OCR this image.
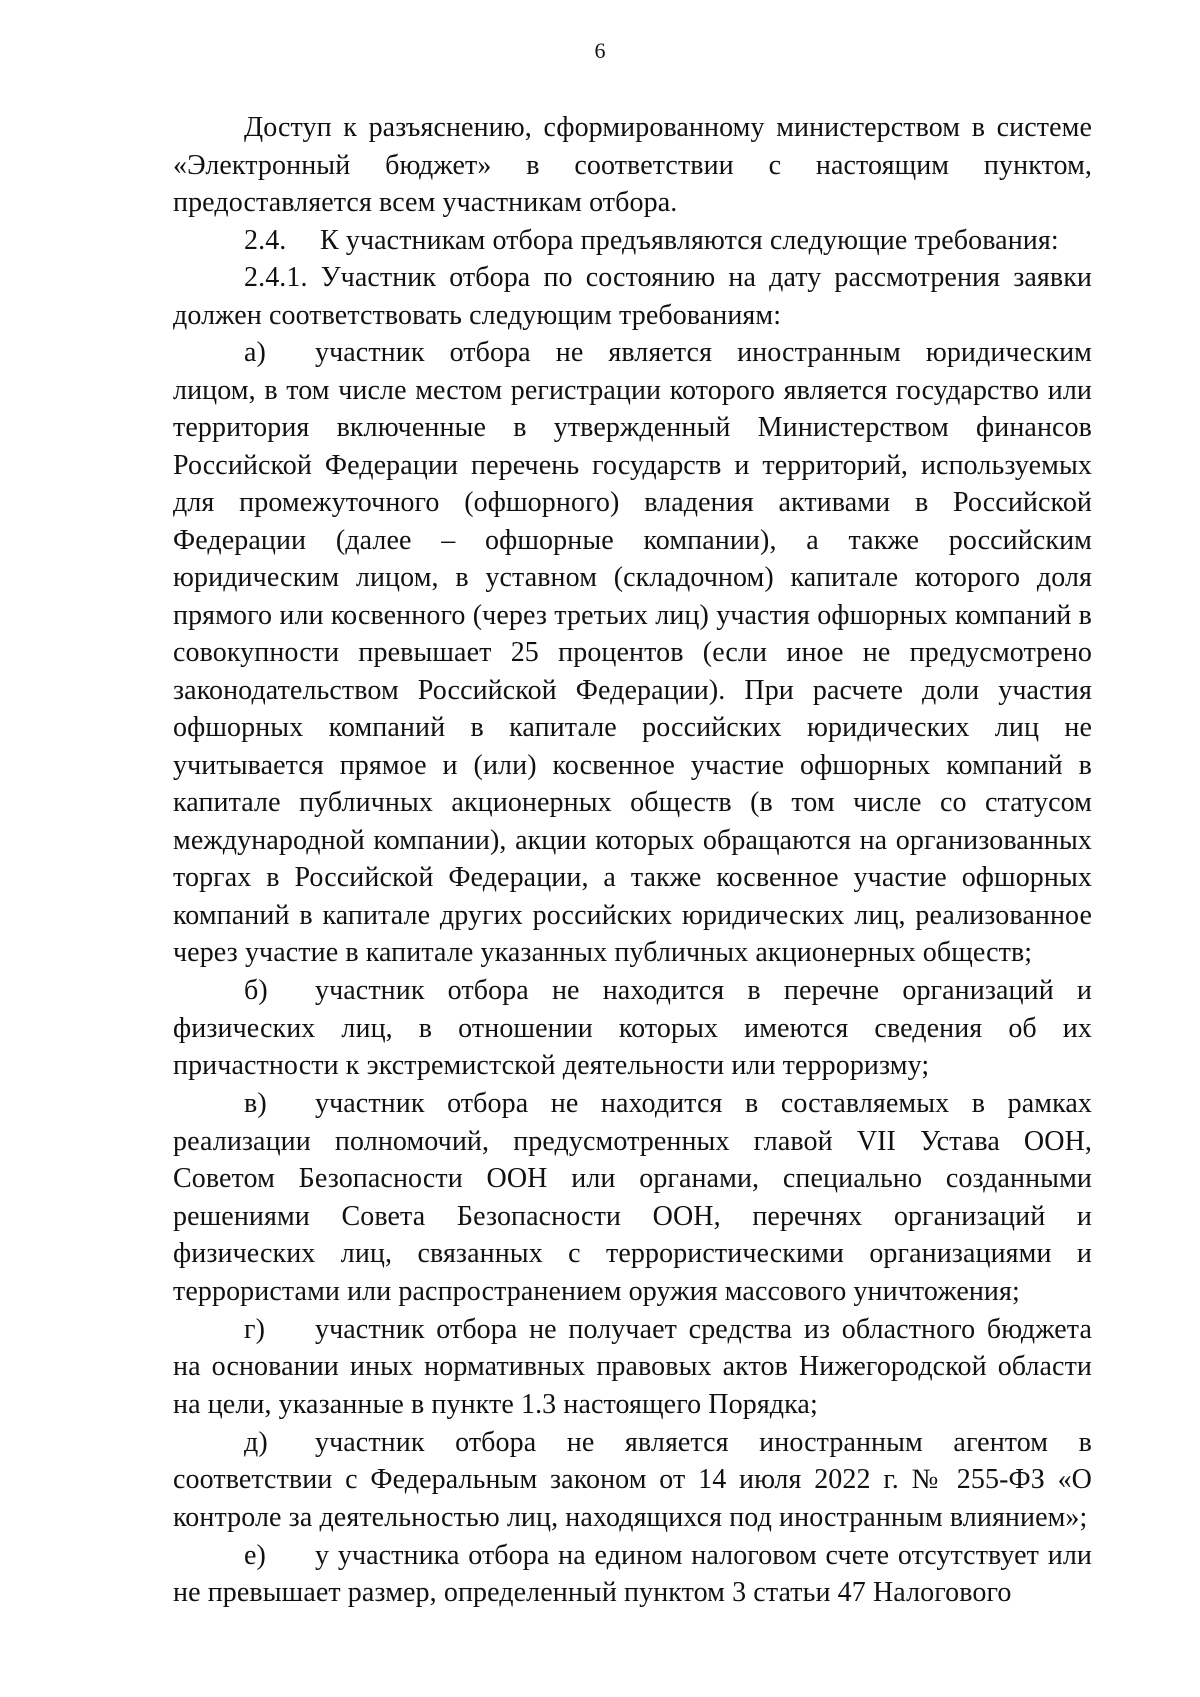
6

Доступ к разъяснению, сформированному министерством в системе «Электронный бюджет» в соответствии с настоящим пунктом, предоставляется всем участникам отбора.

2.4. К участникам отбора предъявляются следующие требования:

2.4.1. Участник отбора по состоянию на дату рассмотрения заявки должен соответствовать следующим требованиям:

а) участник отбора не является иностранным юридическим лицом, в том числе местом регистрации которого является государство или территория включенные в утвержденный Министерством финансов Российской Федерации перечень государств и территорий, используемых для промежуточного (офшорного) владения активами в Российской Федерации (далее – офшорные компании), а также российским юридическим лицом, в уставном (складочном) капитале которого доля прямого или косвенного (через третьих лиц) участия офшорных компаний в совокупности превышает 25 процентов (если иное не предусмотрено законодательством Российской Федерации). При расчете доли участия офшорных компаний в капитале российских юридических лиц не учитывается прямое и (или) косвенное участие офшорных компаний в капитале публичных акционерных обществ (в том числе со статусом международной компании), акции которых обращаются на организованных торгах в Российской Федерации, а также косвенное участие офшорных компаний в капитале других российских юридических лиц, реализованное через участие в капитале указанных публичных акционерных обществ;

б) участник отбора не находится в перечне организаций и физических лиц, в отношении которых имеются сведения об их причастности к экстремистской деятельности или терроризму;

в) участник отбора не находится в составляемых в рамках реализации полномочий, предусмотренных главой VII Устава ООН, Советом Безопасности ООН или органами, специально созданными решениями Совета Безопасности ООН, перечнях организаций и физических лиц, связанных с террористическими организациями и террористами или распространением оружия массового уничтожения;

г) участник отбора не получает средства из областного бюджета на основании иных нормативных правовых актов Нижегородской области на цели, указанные в пункте 1.3 настоящего Порядка;

д) участник отбора не является иностранным агентом в соответствии с Федеральным законом от 14 июля 2022 г. № 255-ФЗ «О контроле за деятельностью лиц, находящихся под иностранным влиянием»;

е) у участника отбора на едином налоговом счете отсутствует или не превышает размер, определенный пунктом 3 статьи 47 Налогового
